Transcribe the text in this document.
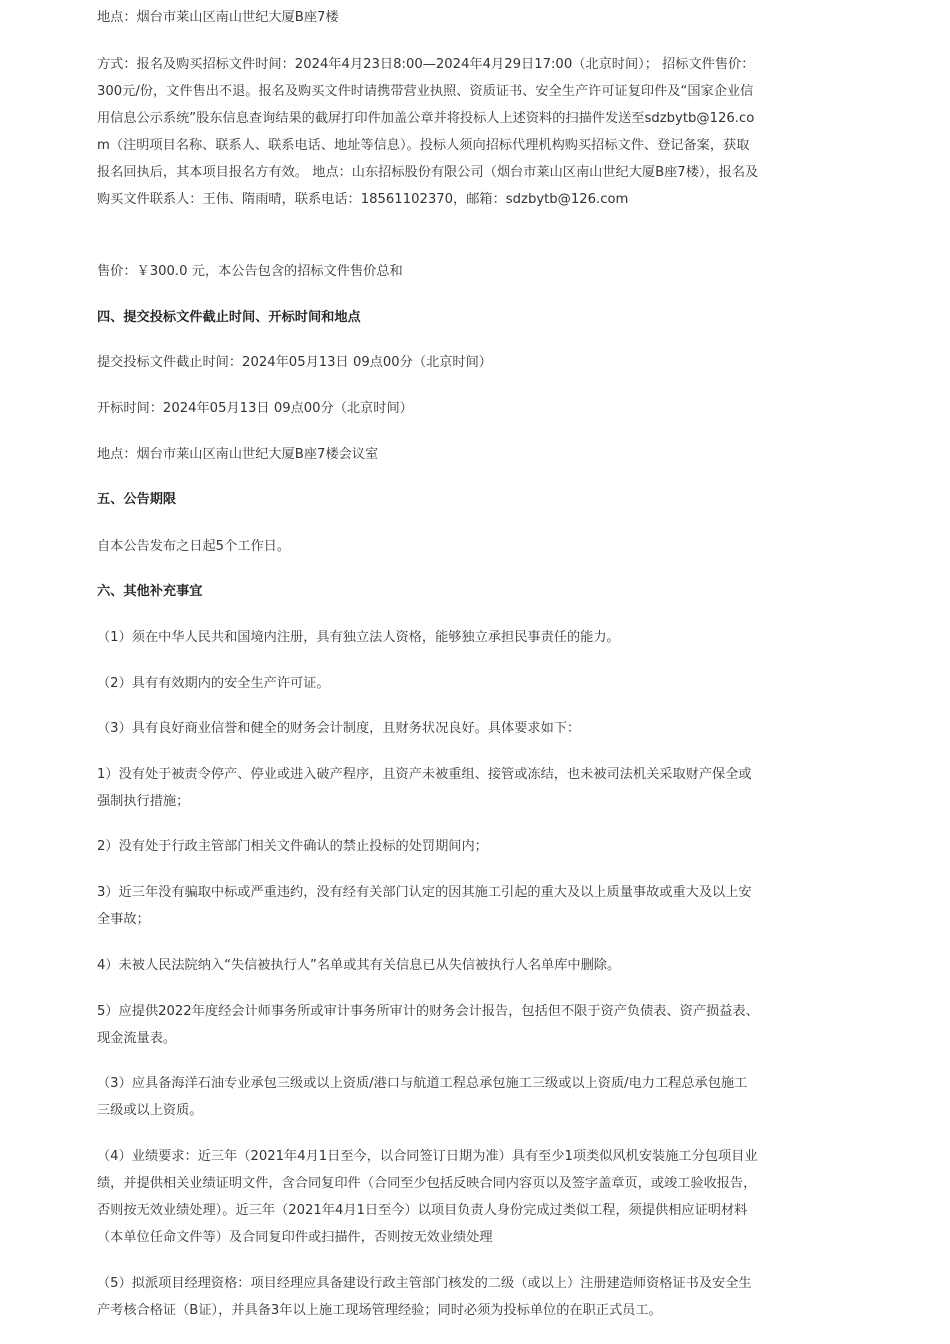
地点：烟台市莱山区南山世纪大厦B座7楼

方式：报名及购买招标文件时间：2024年4月23日8:00—2024年4月29日17:00（北京时间）； 招标文件售价：300元/份，文件售出不退。报名及购买文件时请携带营业执照、资质证书、安全生产许可证复印件及“国家企业信用信息公示系统”股东信息查询结果的截屏打印件加盖公章并将投标人上述资料的扫描件发送至sdzbytb@126.com（注明项目名称、联系人、联系电话、地址等信息）。投标人须向招标代理机构购买招标文件、登记备案，获取报名回执后，其本项目报名方有效。 地点：山东招标股份有限公司（烟台市莱山区南山世纪大厦B座7楼），报名及购买文件联系人：王伟、隋雨晴，联系电话：18561102370，邮箱：sdzbytb@126.com

售价：￥300.0 元，本公告包含的招标文件售价总和

四、提交投标文件截止时间、开标时间和地点

提交投标文件截止时间：2024年05月13日 09点00分（北京时间）

开标时间：2024年05月13日 09点00分（北京时间）

地点：烟台市莱山区南山世纪大厦B座7楼会议室

五、公告期限

自本公告发布之日起5个工作日。

六、其他补充事宜

（1）须在中华人民共和国境内注册，具有独立法人资格，能够独立承担民事责任的能力。

（2）具有有效期内的安全生产许可证。

（3）具有良好商业信誉和健全的财务会计制度，且财务状况良好。具体要求如下：

1）没有处于被责令停产、停业或进入破产程序，且资产未被重组、接管或冻结，也未被司法机关采取财产保全或强制执行措施；

2）没有处于行政主管部门相关文件确认的禁止投标的处罚期间内；

3）近三年没有骗取中标或严重违约，没有经有关部门认定的因其施工引起的重大及以上质量事故或重大及以上安全事故；

4）未被人民法院纳入“失信被执行人”名单或其有关信息已从失信被执行人名单库中删除。

5）应提供2022年度经会计师事务所或审计事务所审计的财务会计报告，包括但不限于资产负债表、资产损益表、现金流量表。

（3）应具备海洋石油专业承包三级或以上资质/港口与航道工程总承包施工三级或以上资质/电力工程总承包施工三级或以上资质。

（4）业绩要求：近三年（2021年4月1日至今，以合同签订日期为准）具有至少1项类似风机安装施工分包项目业绩，并提供相关业绩证明文件，含合同复印件（合同至少包括反映合同内容页以及签字盖章页，或竣工验收报告，否则按无效业绩处理）。近三年（2021年4月1日至今）以项目负责人身份完成过类似工程，须提供相应证明材料（本单位任命文件等）及合同复印件或扫描件，否则按无效业绩处理

（5）拟派项目经理资格：项目经理应具备建设行政主管部门核发的二级（或以上）注册建造师资格证书及安全生产考核合格证（B证），并具备3年以上施工现场管理经验；同时必须为投标单位的在职正式员工。
